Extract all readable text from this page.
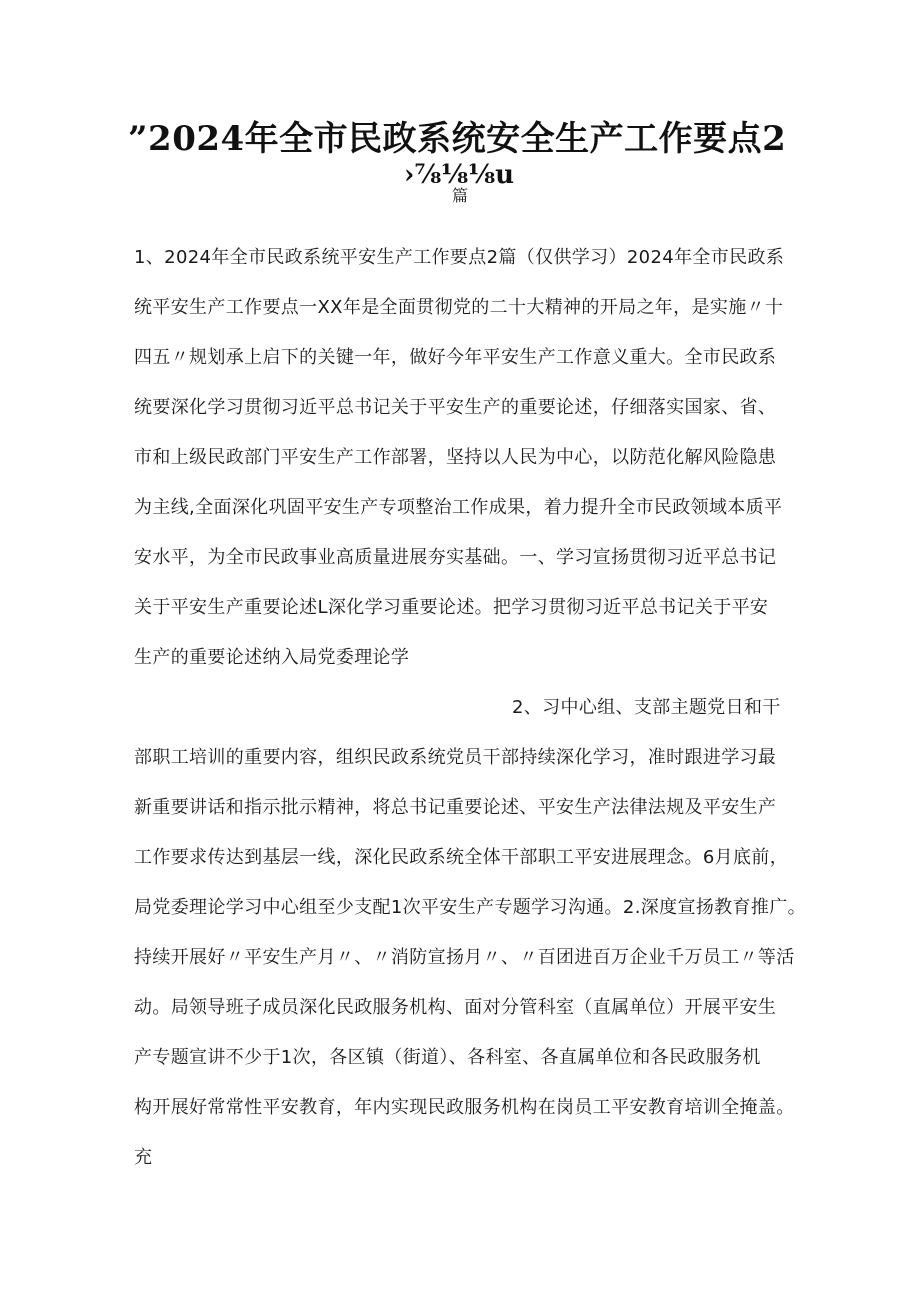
”2024年全市民政系统安全生产工作要点2
›⅞⅛⅛u
篇
1、2024年全市民政系统平安生产工作要点2篇（仅供学习）2024年全市民政系
统平安生产工作要点一XX年是全面贯彻党的二十大精神的开局之年，是实施〃十
四五〃规划承上启下的关键一年，做好今年平安生产工作意义重大。全市民政系
统要深化学习贯彻习近平总书记关于平安生产的重要论述，仔细落实国家、省、
市和上级民政部门平安生产工作部署，坚持以人民为中心，以防范化解风险隐患
为主线,全面深化巩固平安生产专项整治工作成果，着力提升全市民政领域本质平
安水平，为全市民政事业高质量进展夯实基础。一、学习宣扬贯彻习近平总书记
关于平安生产重要论述L深化学习重要论述。把学习贯彻习近平总书记关于平安
生产的重要论述纳入局党委理论学
2、习中心组、支部主题党日和干
部职工培训的重要内容，组织民政系统党员干部持续深化学习，准时跟进学习最
新重要讲话和指示批示精神，将总书记重要论述、平安生产法律法规及平安生产
工作要求传达到基层一线，深化民政系统全体干部职工平安进展理念。6月底前，
局党委理论学习中心组至少支配1次平安生产专题学习沟通。2.深度宣扬教育推广。
持续开展好〃平安生产月〃、〃消防宣扬月〃、〃百团进百万企业千万员工〃等活
动。局领导班子成员深化民政服务机构、面对分管科室（直属单位）开展平安生
产专题宣讲不少于1次，各区镇（街道）、各科室、各直属单位和各民政服务机
构开展好常常性平安教育，年内实现民政服务机构在岗员工平安教育培训全掩盖。
充
